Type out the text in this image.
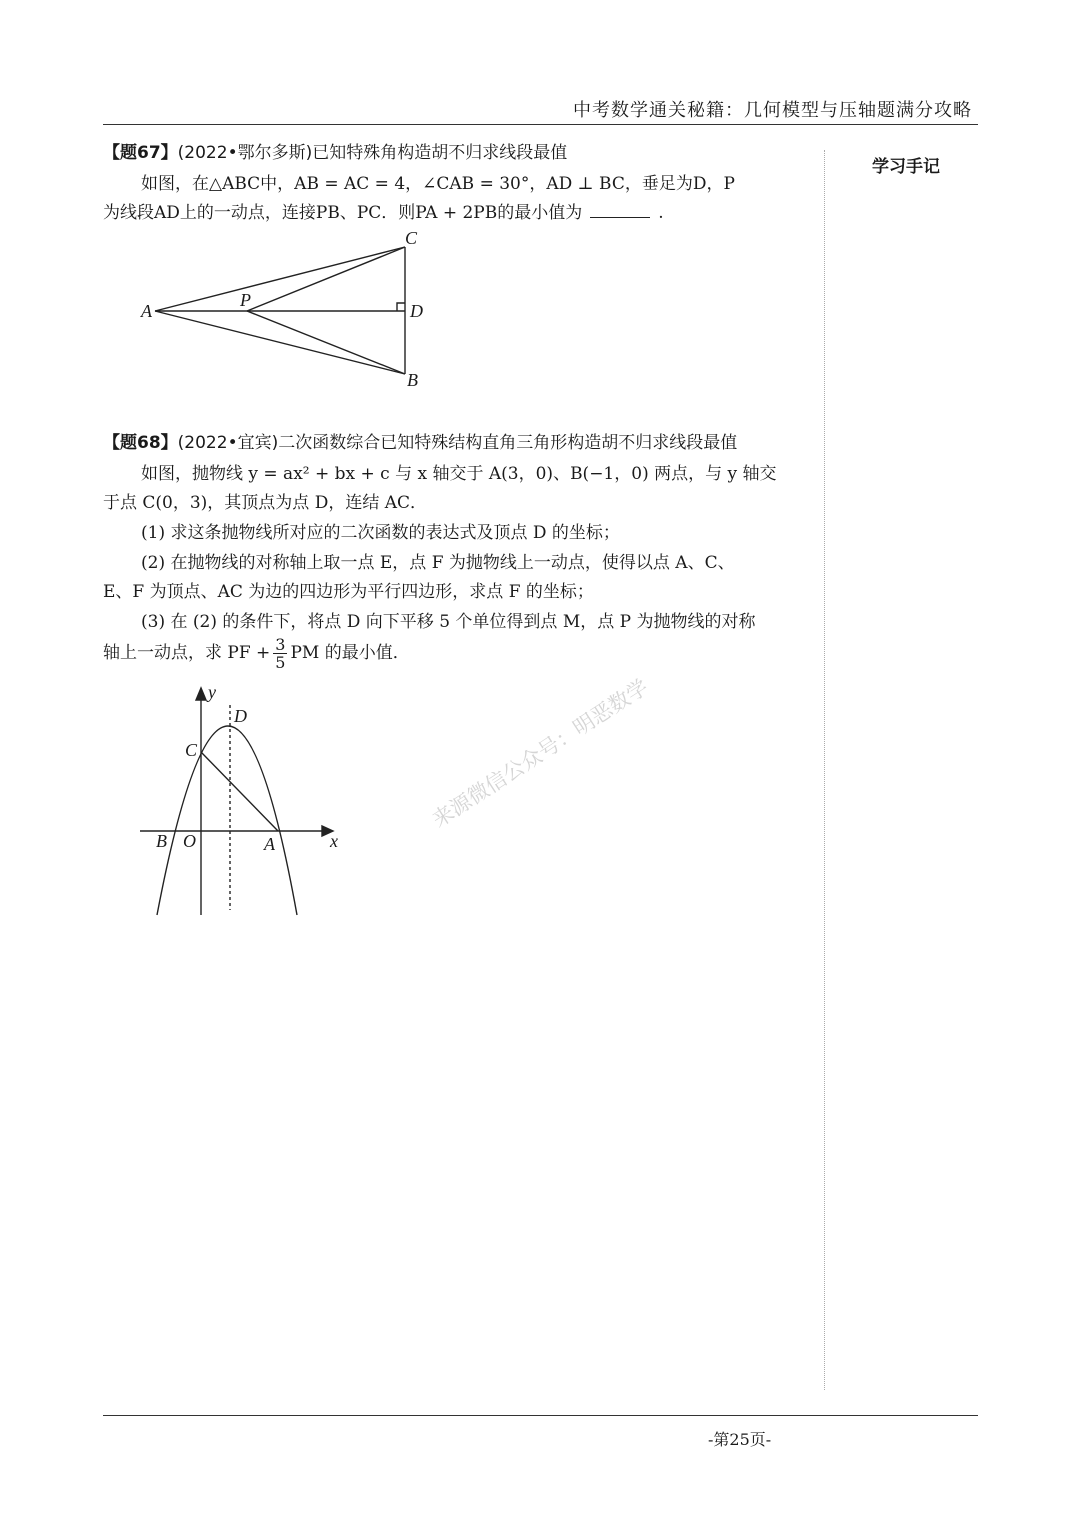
中考数学通关秘籍：几何模型与压轴题满分攻略
学习手记
【题67】(2022•鄂尔多斯)已知特殊角构造胡不归求线段最值
如图，在△ABC中，AB = AC = 4，∠CAB = 30°，AD ⊥ BC，垂足为D，P
为线段AD上的一动点，连接PB、PC．则PA + 2PB的最小值为	.
C
D
B
A
P
【题68】(2022•宜宾)二次函数综合已知特殊结构直角三角形构造胡不归求线段最值
如图，抛物线 y = ax² + bx + c 与 x 轴交于 A(3，0)、B(−1，0) 两点，与 y 轴交
于点 C(0，3)，其顶点为点 D，连结 AC．
(1) 求这条抛物线所对应的二次函数的表达式及顶点 D 的坐标；
(2) 在抛物线的对称轴上取一点 E，点 F 为抛物线上一动点，使得以点 A、C、
E、F 为顶点、AC 为边的四边形为平行四边形，求点 F 的坐标；
(3) 在 (2) 的条件下，将点 D 向下平移 5 个单位得到点 M，点 P 为抛物线的对称
轴上一动点，求 PF + $\frac{3}{5}$ PM 的最小值．
y
x
D
C
B O	A
来源微信公众号：明恶数学
-第25页-
